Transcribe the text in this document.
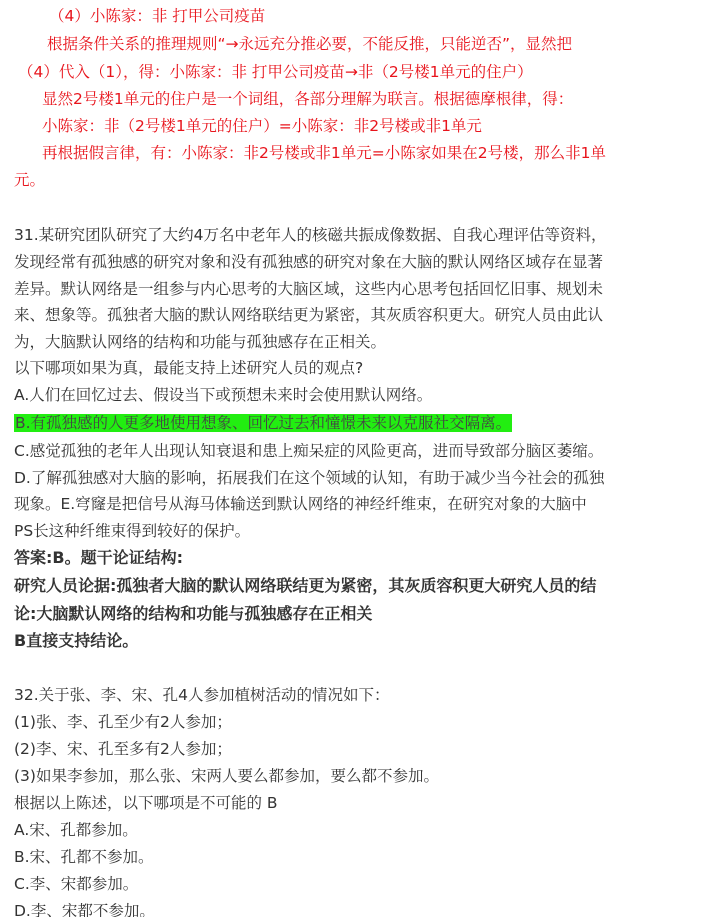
（4）小陈家：非 打甲公司疫苗
根据条件关系的推理规则“→永远充分推必要，不能反推，只能逆否”，显然把
（4）代入（1），得：小陈家：非 打甲公司疫苗→非（2号楼1单元的住户）
显然2号楼1单元的住户是一个词组，各部分理解为联言。根据德摩根律，得：
小陈家：非（2号楼1单元的住户）=小陈家：非2号楼或非1单元
再根据假言律，有：小陈家：非2号楼或非1单元=小陈家如果在2号楼，那么非1单
元。
31.某研究团队研究了大约4万名中老年人的核磁共振成像数据、自我心理评估等资料，
发现经常有孤独感的研究对象和没有孤独感的研究对象在大脑的默认网络区域存在显著
差异。默认网络是一组参与内心思考的大脑区域，这些内心思考包括回忆旧事、规划未
来、想象等。孤独者大脑的默认网络联结更为紧密，其灰质容积更大。研究人员由此认
为，大脑默认网络的结构和功能与孤独感存在正相关。
以下哪项如果为真，最能支持上述研究人员的观点?
A.人们在回忆过去、假设当下或预想未来时会使用默认网络。
B.有孤独感的人更多地使用想象、回忆过去和憧憬未来以克服社交隔离。
C.感觉孤独的老年人出现认知衰退和患上痴呆症的风险更高，进而导致部分脑区萎缩。
D.了解孤独感对大脑的影响，拓展我们在这个领域的认知，有助于减少当今社会的孤独
现象。E.穹窿是把信号从海马体输送到默认网络的神经纤维束，在研究对象的大脑中
PS长这种纤维束得到较好的保护。
答案:B。题干论证结构:
研究人员论据:孤独者大脑的默认网络联结更为紧密，其灰质容积更大研究人员的结
论:大脑默认网络的结构和功能与孤独感存在正相关
B直接支持结论。
32.关于张、李、宋、孔4人参加植树活动的情况如下：
(1)张、李、孔至少有2人参加；
(2)李、宋、孔至多有2人参加；
(3)如果李参加，那么张、宋两人要么都参加，要么都不参加。
根据以上陈述，以下哪项是不可能的 B
A.宋、孔都参加。
B.宋、孔都不参加。
C.李、宋都参加。
D.李、宋都不参加。
